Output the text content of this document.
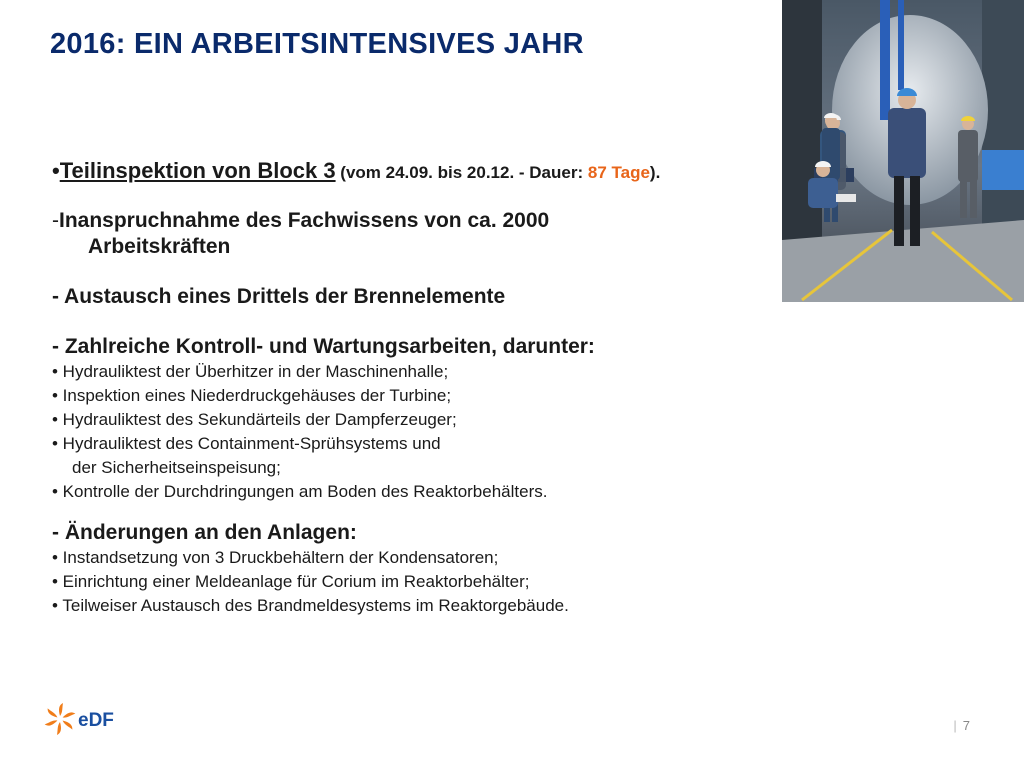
2016: EIN ARBEITSINTENSIVES JAHR
•Teilinspektion von Block 3 (vom 24.09. bis 20.12. - Dauer: 87 Tage).
-Inanspruchnahme des Fachwissens von ca. 2000
Arbeitskräften
- Austausch eines Drittels der Brennelemente
- Zahlreiche Kontroll- und Wartungsarbeiten, darunter:
• Hydrauliktest der Überhitzer in der Maschinenhalle;
• Inspektion eines Niederdruckgehäuses der Turbine;
• Hydrauliktest des Sekundärteils der Dampferzeuger;
• Hydrauliktest des Containment-Sprühsystems und
der Sicherheitseinspeisung;
• Kontrolle der Durchdringungen am Boden des Reaktorbehälters.
- Änderungen an den Anlagen:
• Instandsetzung von 3 Druckbehältern der Kondensatoren;
• Einrichtung einer Meldeanlage für Corium im Reaktorbehälter;
• Teilweiser Austausch des Brandmeldesystems im Reaktorgebäude.
eDF	| 7
